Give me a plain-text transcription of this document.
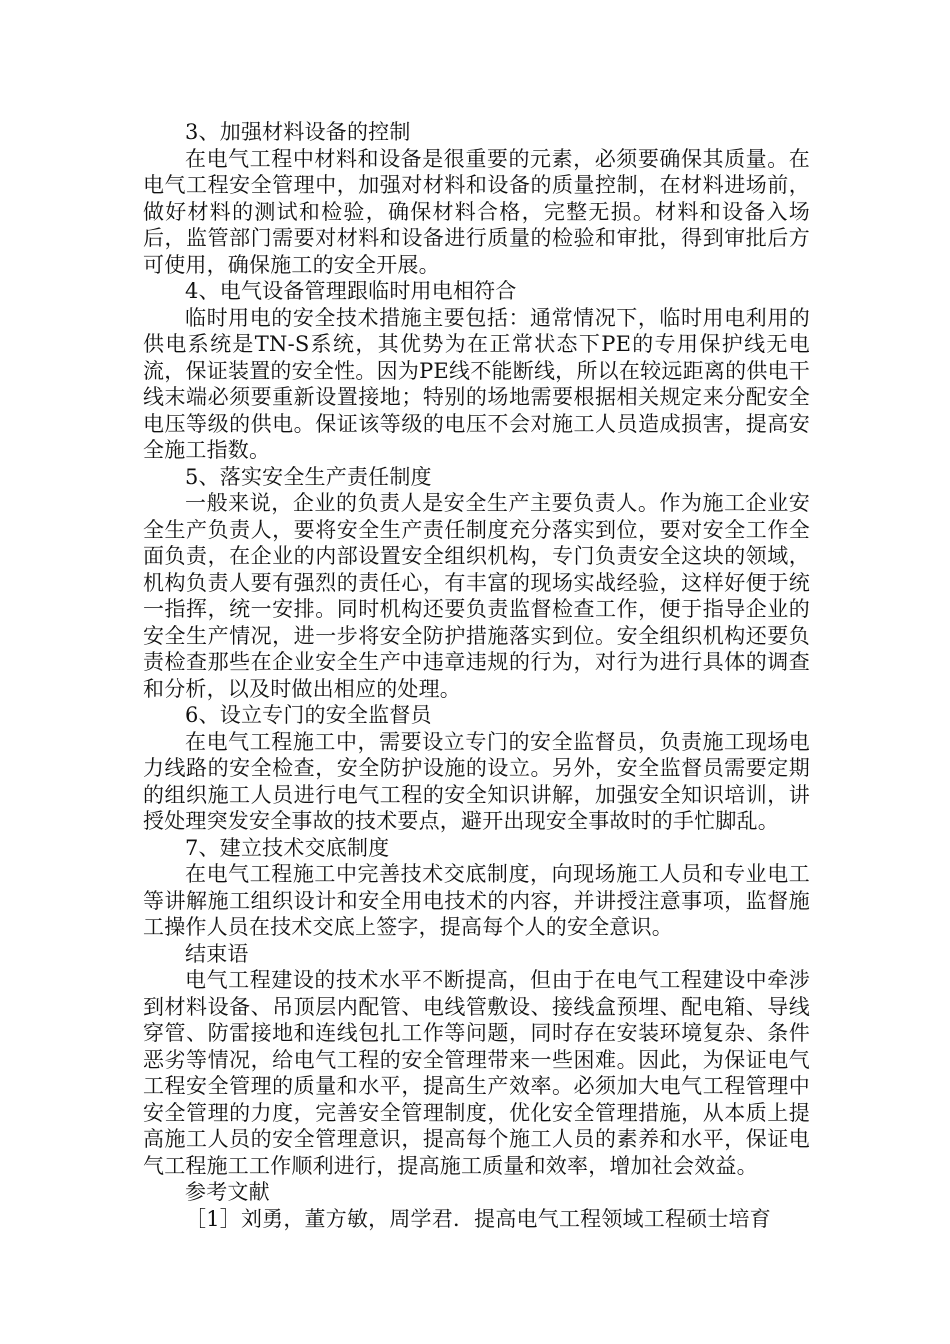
3、加强材料设备的控制

在电气工程中材料和设备是很重要的元素，必须要确保其质量。在电气工程安全管理中，加强对材料和设备的质量控制，在材料进场前，做好材料的测试和检验，确保材料合格，完整无损。材料和设备入场后，监管部门需要对材料和设备进行质量的检验和审批，得到审批后方可使用，确保施工的安全开展。

4、电气设备管理跟临时用电相符合

临时用电的安全技术措施主要包括：通常情况下，临时用电利用的供电系统是TN-S系统，其优势为在正常状态下PE的专用保护线无电流，保证装置的安全性。因为PE线不能断线，所以在较远距离的供电干线末端必须要重新设置接地；特别的场地需要根据相关规定来分配安全电压等级的供电。保证该等级的电压不会对施工人员造成损害，提高安全施工指数。

5、落实安全生产责任制度

一般来说，企业的负责人是安全生产主要负责人。作为施工企业安全生产负责人，要将安全生产责任制度充分落实到位，要对安全工作全面负责，在企业的内部设置安全组织机构，专门负责安全这块的领域，机构负责人要有强烈的责任心，有丰富的现场实战经验，这样好便于统一指挥，统一安排。同时机构还要负责监督检查工作，便于指导企业的安全生产情况，进一步将安全防护措施落实到位。安全组织机构还要负责检查那些在企业安全生产中违章违规的行为，对行为进行具体的调查和分析，以及时做出相应的处理。

6、设立专门的安全监督员

在电气工程施工中，需要设立专门的安全监督员，负责施工现场电力线路的安全检查，安全防护设施的设立。另外，安全监督员需要定期的组织施工人员进行电气工程的安全知识讲解，加强安全知识培训，讲授处理突发安全事故的技术要点，避开出现安全事故时的手忙脚乱。

7、建立技术交底制度

在电气工程施工中完善技术交底制度，向现场施工人员和专业电工等讲解施工组织设计和安全用电技术的内容，并讲授注意事项，监督施工操作人员在技术交底上签字，提高每个人的安全意识。

结束语

电气工程建设的技术水平不断提高，但由于在电气工程建设中牵涉到材料设备、吊顶层内配管、电线管敷设、接线盒预埋、配电箱、导线穿管、防雷接地和连线包扎工作等问题，同时存在安装环境复杂、条件恶劣等情况，给电气工程的安全管理带来一些困难。因此，为保证电气工程安全管理的质量和水平，提高生产效率。必须加大电气工程管理中安全管理的力度，完善安全管理制度，优化安全管理措施，从本质上提高施工人员的安全管理意识，提高每个施工人员的素养和水平，保证电气工程施工工作顺利进行，提高施工质量和效率，增加社会效益。

参考文献

［1］刘勇，董方敏，周学君．提高电气工程领域工程硕士培育
